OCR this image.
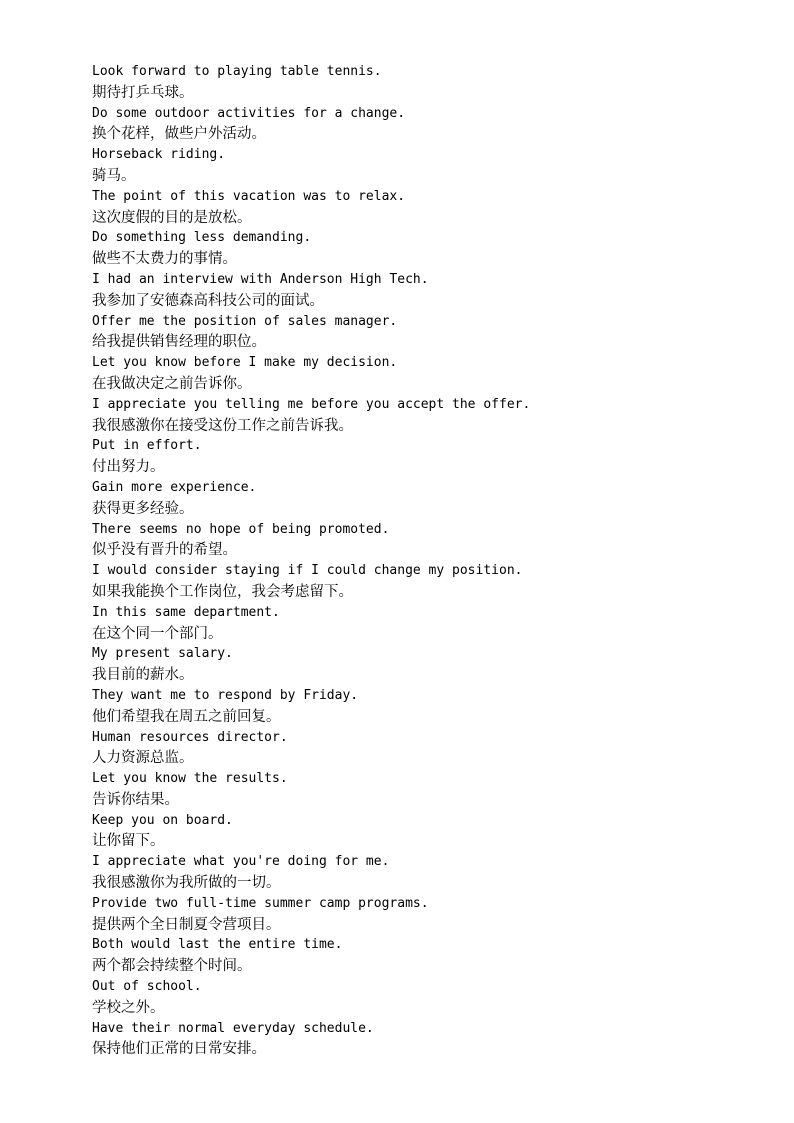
Look forward to playing table tennis.
期待打乒乓球。
Do some outdoor activities for a change.
换个花样，做些户外活动。
Horseback riding.
骑马。
The point of this vacation was to relax.
这次度假的目的是放松。
Do something less demanding.
做些不太费力的事情。
I had an interview with Anderson High Tech.
我参加了安德森高科技公司的面试。
Offer me the position of sales manager.
给我提供销售经理的职位。
Let you know before I make my decision.
在我做决定之前告诉你。
I appreciate you telling me before you accept the offer.
我很感激你在接受这份工作之前告诉我。
Put in effort.
付出努力。
Gain more experience.
获得更多经验。
There seems no hope of being promoted.
似乎没有晋升的希望。
I would consider staying if I could change my position.
如果我能换个工作岗位，我会考虑留下。
In this same department.
在这个同一个部门。
My present salary.
我目前的薪水。
They want me to respond by Friday.
他们希望我在周五之前回复。
Human resources director.
人力资源总监。
Let you know the results.
告诉你结果。
Keep you on board.
让你留下。
I appreciate what you're doing for me.
我很感激你为我所做的一切。
Provide two full-time summer camp programs.
提供两个全日制夏令营项目。
Both would last the entire time.
两个都会持续整个时间。
Out of school.
学校之外。
Have their normal everyday schedule.
保持他们正常的日常安排。
